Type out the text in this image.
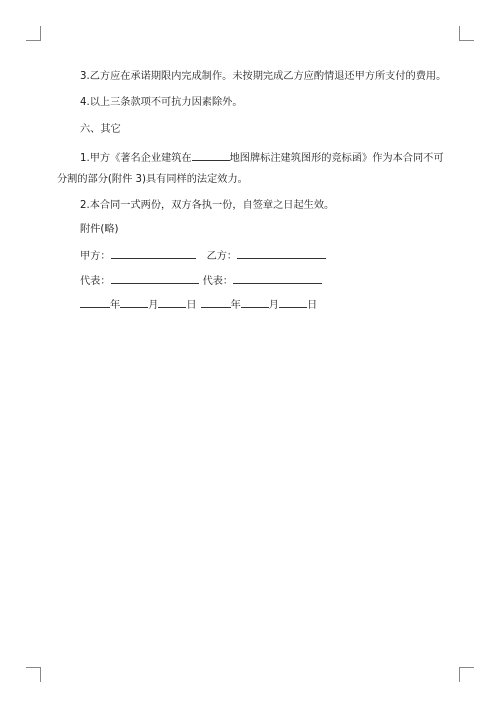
3.乙方应在承诺期限内完成制作。未按期完成乙方应酌情退还甲方所支付的费用。
4.以上三条款项不可抗力因素除外。
六、其它
1.甲方《著名企业建筑在	地图牌标注建筑图形的竞标函》作为本合同不可
分割的部分(附件 3)具有同样的法定效力。
2.本合同一式两份，双方各执一份，自签章之日起生效。
附件(略)
甲方：	乙方：
代表：	代表：
年	月	日	年	月	日
